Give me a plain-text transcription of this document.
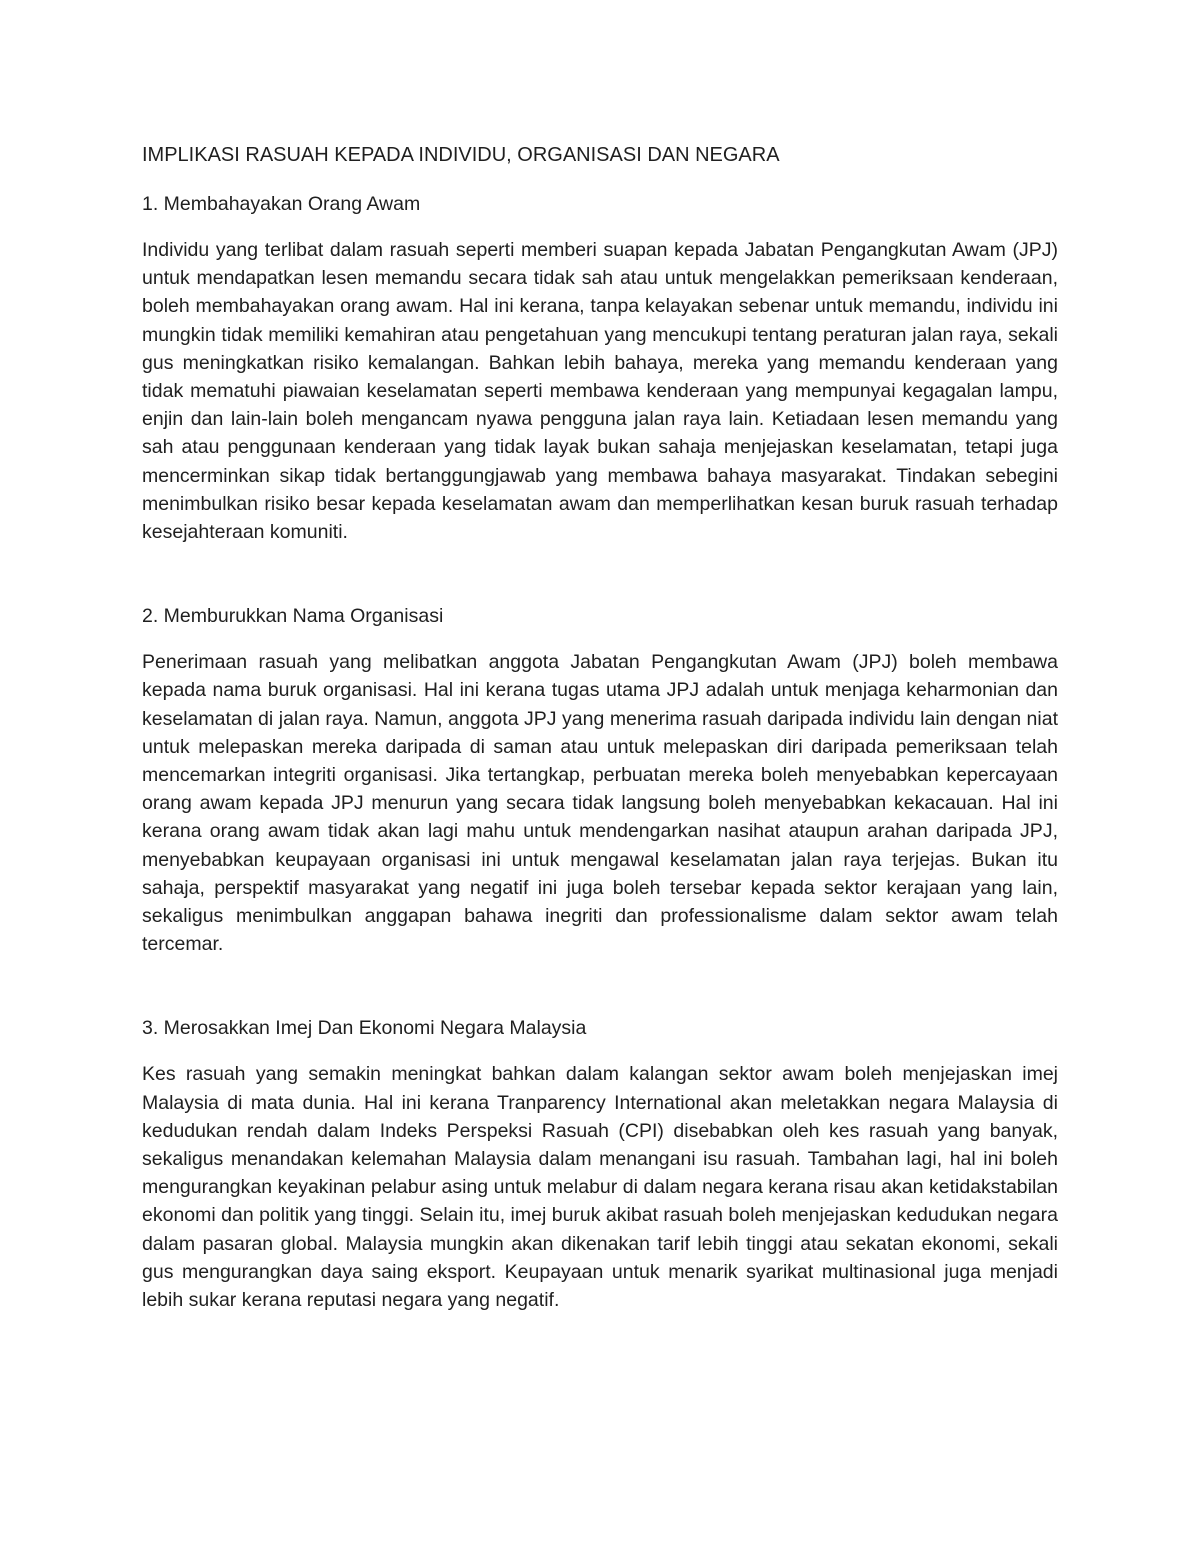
IMPLIKASI RASUAH KEPADA INDIVIDU, ORGANISASI DAN NEGARA
1. Membahayakan Orang Awam

Individu yang terlibat dalam rasuah seperti memberi suapan kepada Jabatan Pengangkutan Awam (JPJ) untuk mendapatkan lesen memandu secara tidak sah atau untuk mengelakkan pemeriksaan kenderaan, boleh membahayakan orang awam. Hal ini kerana, tanpa kelayakan sebenar untuk memandu, individu ini mungkin tidak memiliki kemahiran atau pengetahuan yang mencukupi tentang peraturan jalan raya, sekali gus meningkatkan risiko kemalangan. Bahkan lebih bahaya, mereka yang memandu kenderaan yang tidak mematuhi piawaian keselamatan seperti membawa kenderaan yang mempunyai kegagalan lampu, enjin dan lain-lain boleh mengancam nyawa pengguna jalan raya lain. Ketiadaan lesen memandu yang sah atau penggunaan kenderaan yang tidak layak bukan sahaja menjejaskan keselamatan, tetapi juga mencerminkan sikap tidak bertanggungjawab yang membawa bahaya masyarakat. Tindakan sebegini menimbulkan risiko besar kepada keselamatan awam dan memperlihatkan kesan buruk rasuah terhadap kesejahteraan komuniti.

2. Memburukkan Nama Organisasi

Penerimaan rasuah yang melibatkan anggota Jabatan Pengangkutan Awam (JPJ) boleh membawa kepada nama buruk organisasi. Hal ini kerana tugas utama JPJ adalah untuk menjaga keharmonian dan keselamatan di jalan raya. Namun, anggota JPJ yang menerima rasuah daripada individu lain dengan niat untuk melepaskan mereka daripada di saman atau untuk melepaskan diri daripada pemeriksaan telah mencemarkan integriti organisasi. Jika tertangkap, perbuatan mereka boleh menyebabkan kepercayaan orang awam kepada JPJ menurun yang secara tidak langsung boleh menyebabkan kekacauan. Hal ini kerana orang awam tidak akan lagi mahu untuk mendengarkan nasihat ataupun arahan daripada JPJ, menyebabkan keupayaan organisasi ini untuk mengawal keselamatan jalan raya terjejas. Bukan itu sahaja, perspektif masyarakat yang negatif ini juga boleh tersebar kepada sektor kerajaan yang lain, sekaligus menimbulkan anggapan bahawa inegriti dan professionalisme dalam sektor awam telah tercemar.

3. Merosakkan Imej Dan Ekonomi Negara Malaysia

Kes rasuah yang semakin meningkat bahkan dalam kalangan sektor awam boleh menjejaskan imej Malaysia di mata dunia. Hal ini kerana Tranparency International akan meletakkan negara Malaysia di kedudukan rendah dalam Indeks Perspeksi Rasuah (CPI) disebabkan oleh kes rasuah yang banyak, sekaligus menandakan kelemahan Malaysia dalam menangani isu rasuah. Tambahan lagi, hal ini boleh mengurangkan keyakinan pelabur asing untuk melabur di dalam negara kerana risau akan ketidakstabilan ekonomi dan politik yang tinggi. Selain itu, imej buruk akibat rasuah boleh menjejaskan kedudukan negara dalam pasaran global. Malaysia mungkin akan dikenakan tarif lebih tinggi atau sekatan ekonomi, sekali gus mengurangkan daya saing eksport. Keupayaan untuk menarik syarikat multinasional juga menjadi lebih sukar kerana reputasi negara yang negatif.
